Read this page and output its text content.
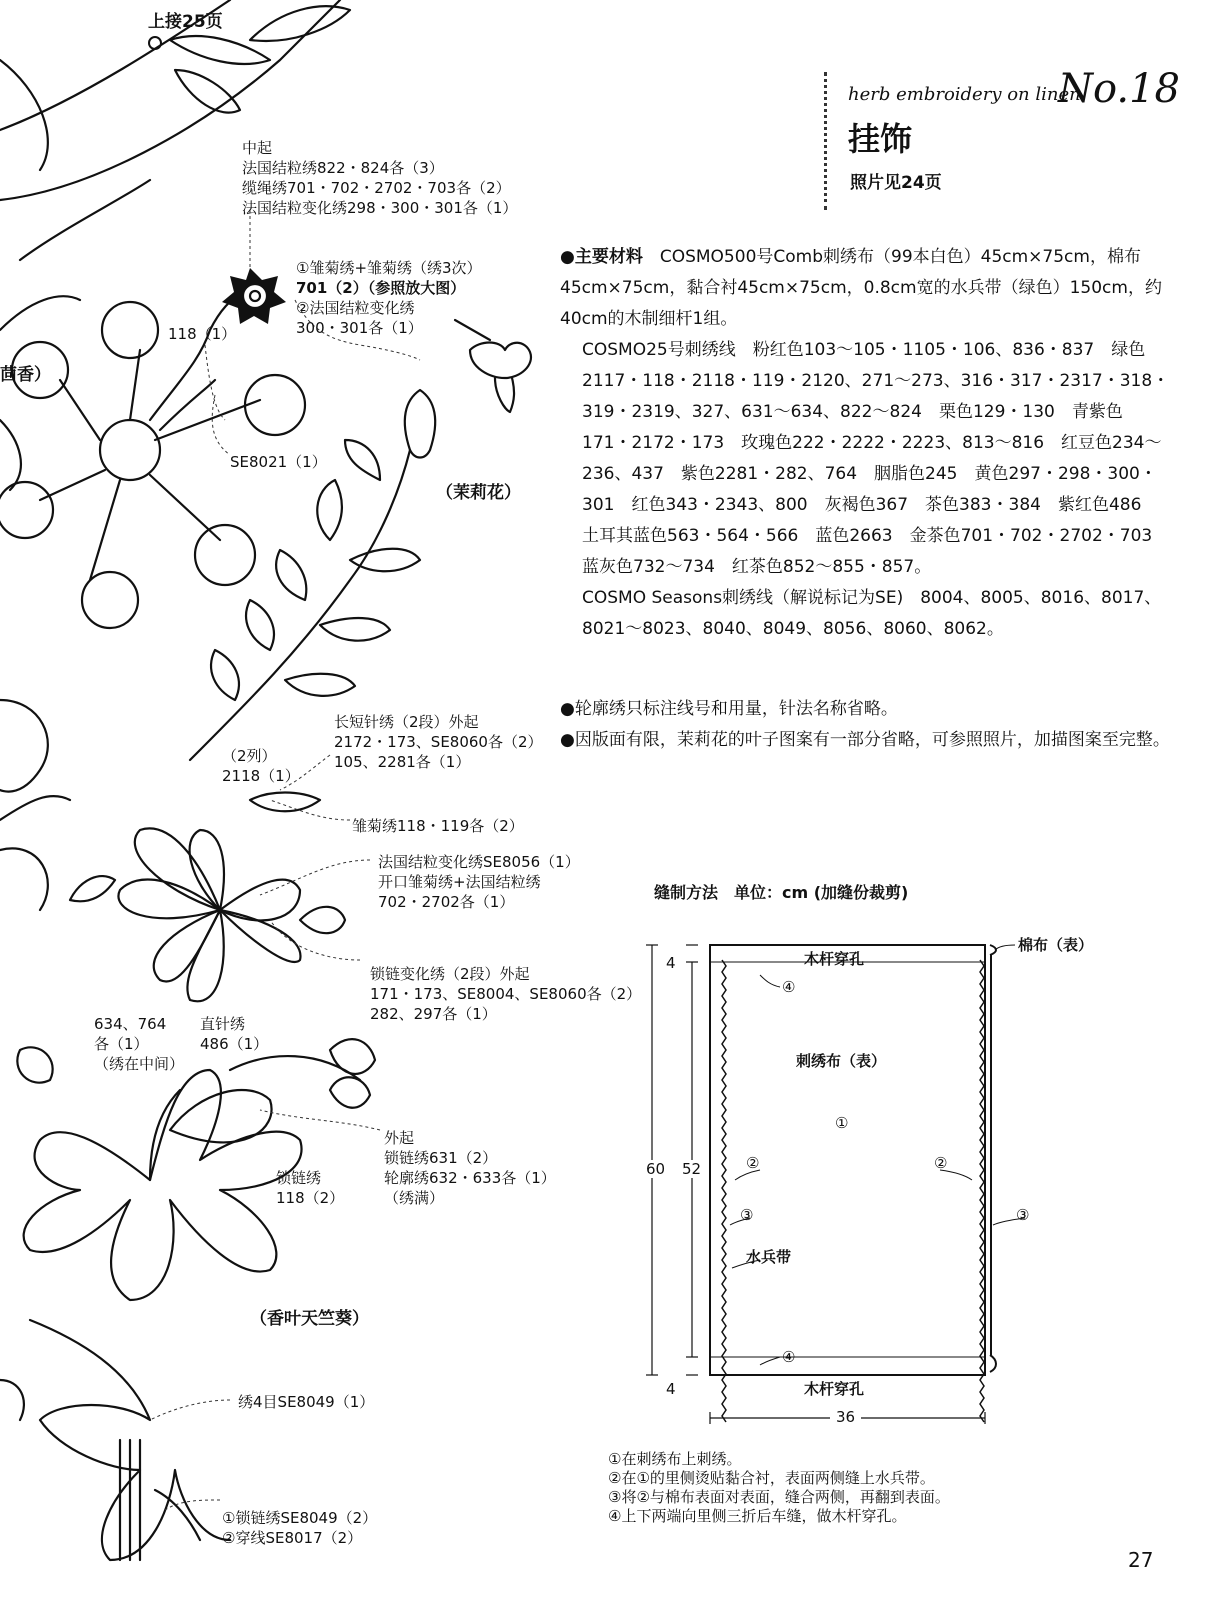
上接25页
herb embroidery on linen
No.18
挂饰
照片见24页
中起
法国结粒绣822・824各（3）
缆绳绣701・702・2702・703各（2）
法国结粒变化绣298・300・301各（1）
①雏菊绣+雏菊绣（绣3次）
701（2）（参照放大图）
②法国结粒变化绣
300・301各（1）
118（1）
SE8021（1）
（茉莉花）
茴香）
长短针绣（2段）外起
2172・173、SE8060各（2）
105、2281各（1）
（2列）
2118（1）
雏菊绣118・119各（2）
法国结粒变化绣SE8056（1）
开口雏菊绣+法国结粒绣
702・2702各（1）
锁链变化绣（2段）外起
171・173、SE8004、SE8060各（2）
282、297各（1）
634、764
各（1）
（绣在中间）
直针绣
486（1）
外起
锁链绣631（2）
轮廓绣632・633各（1）
（绣满）
锁链绣
118（2）
（香叶天竺葵）
绣4目SE8049（1）
①锁链绣SE8049（2）
②穿线SE8017（2）

●主要材料　 COSMO500号Comb刺绣布（99本白色）45cm×75cm，棉布45cm×75cm，黏合衬45cm×75cm，0.8cm宽的水兵带（绿色）150cm，约40cm的木制细杆1组。

COSMO25号刺绣线　粉红色103～105・1105・106、836・837　绿色2117・118・2118・119・2120、271～273、316・317・2317・318・319・2319、327、631～634、822～824　栗色129・130　青紫色171・2172・173　玫瑰色222・2222・2223、813～816　红豆色234～236、437　紫色2281・282、764　胭脂色245　黄色297・298・300・301　红色343・2343、800　灰褐色367　茶色383・384　紫红色486　土耳其蓝色563・564・566　蓝色2663　金茶色701・702・2702・703　蓝灰色732～734　红茶色852～855・857。

COSMO Seasons刺绣线（解说标记为SE)　8004、8005、8016、8017、8021～8023、8040、8049、8056、8060、8062。

●轮廓绣只标注线号和用量，针法名称省略。

●因版面有限，茉莉花的叶子图案有一部分省略，可参照照片，加描图案至完整。

缝制方法　单位：cm (加缝份裁剪)
木杆穿孔
木杆穿孔
棉布（表）
刺绣布（表）
水兵带
①
②	②
③	③
④
④
60 52
4
4
36
①在刺绣布上刺绣。
②在①的里侧烫贴黏合衬，表面两侧缝上水兵带。
③将②与棉布表面对表面，缝合两侧，再翻到表面。
④上下两端向里侧三折后车缝，做木杆穿孔。
27
